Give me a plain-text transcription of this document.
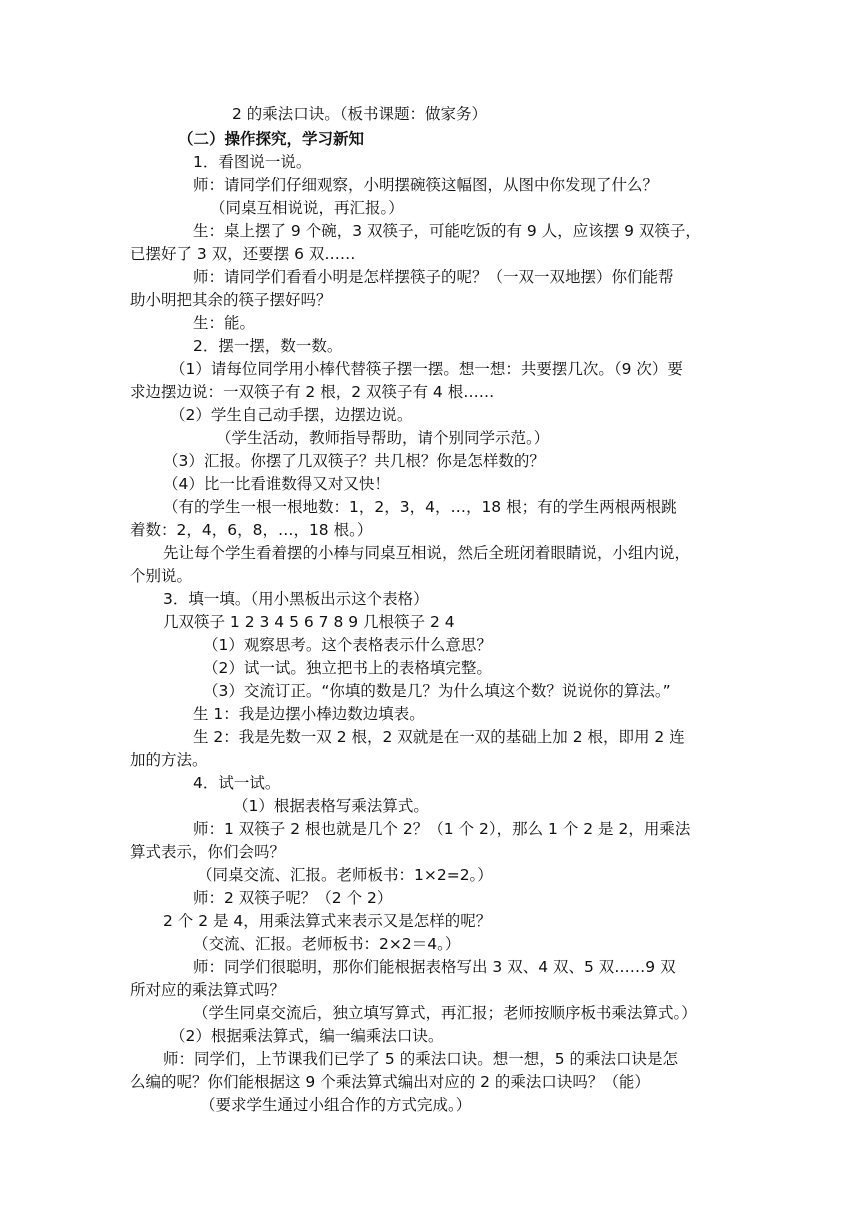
2 的乘法口诀。（板书课题：做家务）
（二）操作探究，学习新知
1．看图说一说。
师：请同学们仔细观察，小明摆碗筷这幅图，从图中你发现了什么？
（同桌互相说说，再汇报。）
生：桌上摆了 9 个碗，3 双筷子，可能吃饭的有 9 人，应该摆 9 双筷子，
已摆好了 3 双，还要摆 6 双……
师：请同学们看看小明是怎样摆筷子的呢？（一双一双地摆）你们能帮
助小明把其余的筷子摆好吗？
生：能。
2．摆一摆，数一数。
（1）请每位同学用小棒代替筷子摆一摆。想一想：共要摆几次。（9 次）要
求边摆边说：一双筷子有 2 根，2 双筷子有 4 根……
（2）学生自己动手摆，边摆边说。
（学生活动，教师指导帮助，请个别同学示范。）
（3）汇报。你摆了几双筷子？共几根？你是怎样数的？
（4）比一比看谁数得又对又快！
（有的学生一根一根地数：1，2，3，4，…，18 根；有的学生两根两根跳
着数：2，4，6，8，…，18 根。）
先让每个学生看着摆的小棒与同桌互相说，然后全班闭着眼睛说，小组内说，
个别说。
3．填一填。（用小黑板出示这个表格）
几双筷子 1 2 3 4 5 6 7 8 9 几根筷子 2 4
（1）观察思考。这个表格表示什么意思？
（2）试一试。独立把书上的表格填完整。
（3）交流订正。“你填的数是几？为什么填这个数？说说你的算法。”
生 1：我是边摆小棒边数边填表。
生 2：我是先数一双 2 根，2 双就是在一双的基础上加 2 根，即用 2 连
加的方法。
4．试一试。
（1）根据表格写乘法算式。
师：1 双筷子 2 根也就是几个 2？（1 个 2），那么 1 个 2 是 2，用乘法
算式表示，你们会吗？
（同桌交流、汇报。老师板书：1×2=2。）
师：2 双筷子呢？（2 个 2）
2 个 2 是 4，用乘法算式来表示又是怎样的呢？
（交流、汇报。老师板书：2×2＝4。）
师：同学们很聪明，那你们能根据表格写出 3 双、4 双、5 双……9 双
所对应的乘法算式吗？
（学生同桌交流后，独立填写算式，再汇报；老师按顺序板书乘法算式。）
（2）根据乘法算式，编一编乘法口诀。
师：同学们，上节课我们已学了 5 的乘法口诀。想一想，5 的乘法口诀是怎
么编的呢？你们能根据这 9 个乘法算式编出对应的 2 的乘法口诀吗？（能）
（要求学生通过小组合作的方式完成。）
